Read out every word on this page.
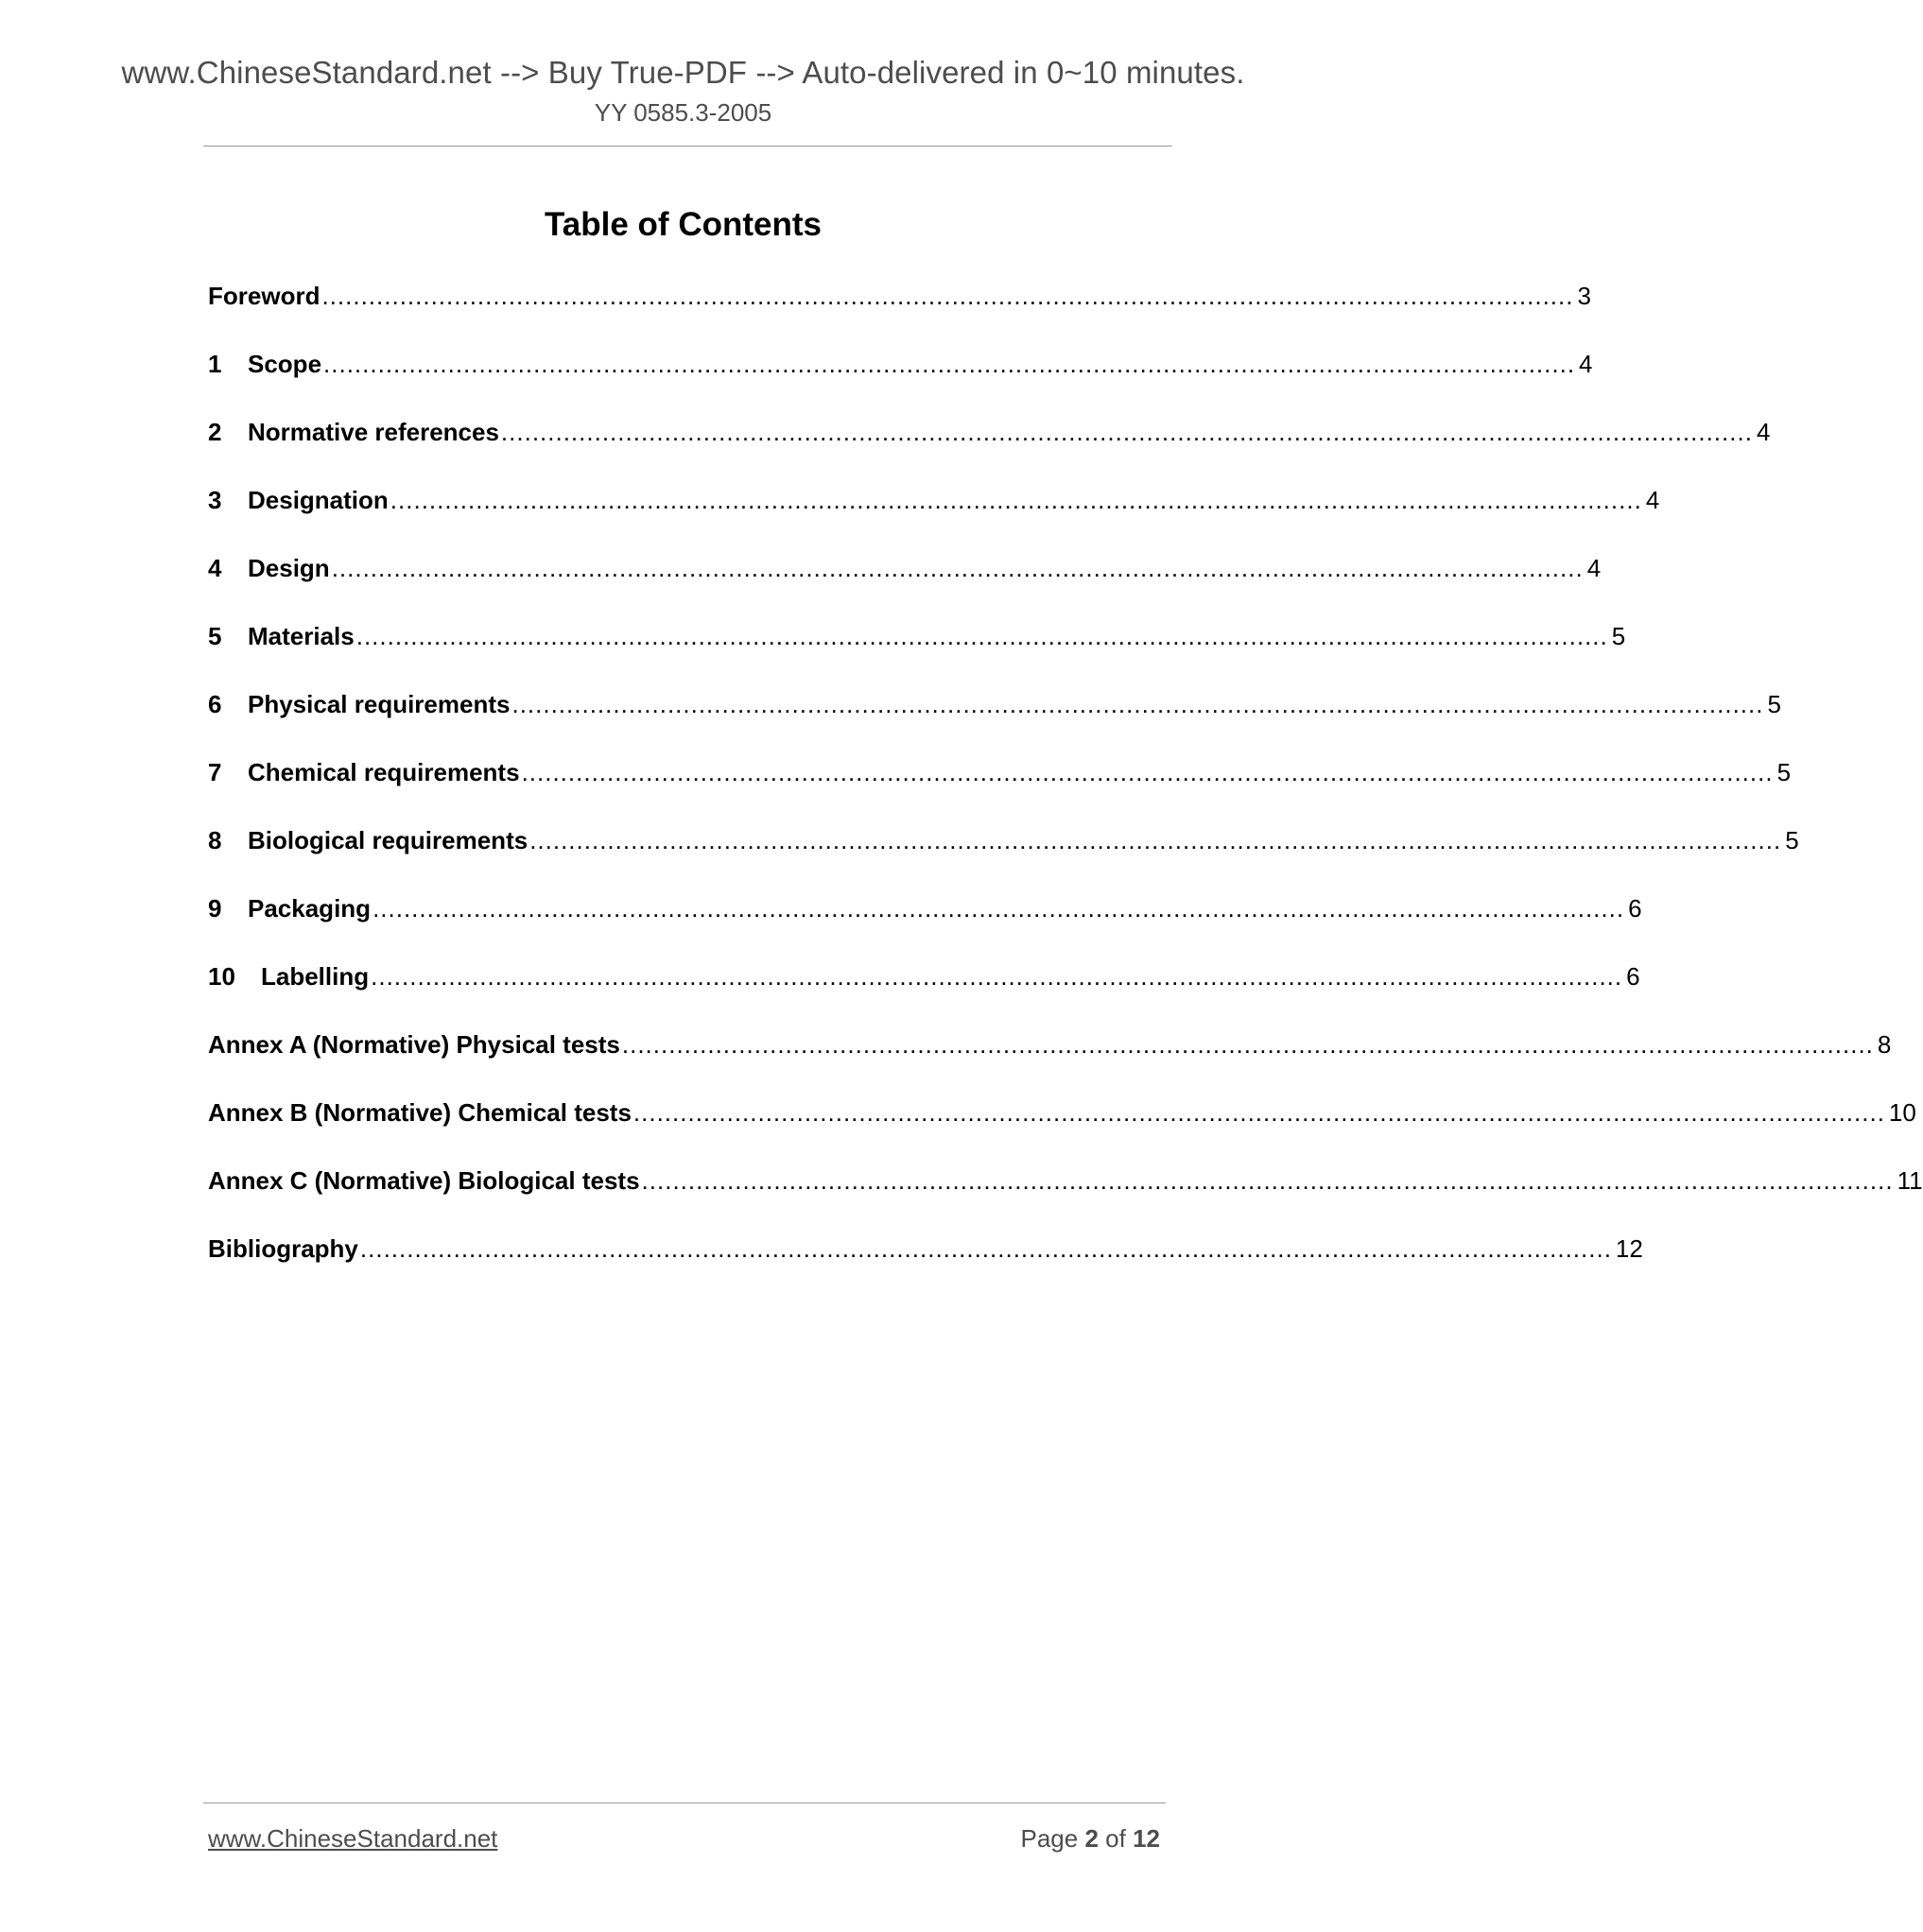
www.ChineseStandard.net --> Buy True-PDF --> Auto-delivered in 0~10 minutes.
YY 0585.3-2005
Table of Contents
Foreword ................................................................................................................................................................. 3
1	Scope ................................................................................................................................................................. 4
2	Normative references ................................................................................................................................................................. 4
3	Designation ................................................................................................................................................................. 4
4	Design ................................................................................................................................................................. 4
5	Materials ................................................................................................................................................................. 5
6	Physical requirements ................................................................................................................................................................. 5
7	Chemical requirements ................................................................................................................................................................. 5
8	Biological requirements ................................................................................................................................................................. 5
9	Packaging ................................................................................................................................................................. 6
10	Labelling ................................................................................................................................................................. 6
Annex A (Normative) Physical tests ................................................................................................................................................................. 8
Annex B (Normative) Chemical tests ................................................................................................................................................................. 10
Annex C (Normative) Biological tests ................................................................................................................................................................. 11
Bibliography ................................................................................................................................................................. 12
www.ChineseStandard.net	Page 2 of 12
